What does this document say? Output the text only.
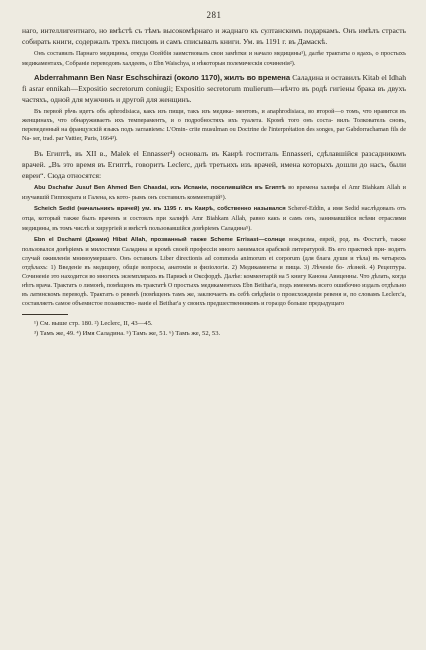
281

наго, интеллигентнаго, но вмѣстѣ съ тѣмъ высокомѣрнаго и жаднаго къ султанскимъ подаркамъ. Онъ имѣлъ страсть собирать книги, содержалъ трехъ писцовъ и самъ списывалъ книги. Ум. въ 1191 г. въ Дамаскѣ.

Онъ составилъ Парнаго медицины, откуда Осейбія заимствовалъ свои замѣтки и начало медицины¹), далѣе трактаты о ядахъ, о простыхъ медикаментахъ, Собраніе переводовъ халдеевъ, о Ebn Waischya, и нѣкоторыя полемическія сочиненія²).

Abderrahmann Ben Nasr Eschschirazi (около 1170), жилъ во времена Саладина и оставилъ Kitab el Idhah fi asrar ennikah—Expositio secretorum coniugii; Expositio secretorum mulierum—нѣчто въ родѣ гигіены брака въ двухъ частяхъ, одной для мужчинъ и другой для женщинъ.

Въ первой рѣчь идетъ объ aphrodisiaca, какъ изъ пищи, такъ изъ медика- ментовъ, и anaphrodisiaca, во второй—о томъ, что нравится въ женщинахъ, что обнаруживаетъ ихъ темпераментъ, и о подробностяхъ ихъ туалета. Кромѣ того онъ соста- вилъ Толкователь сновъ, переведенный на французскій языкъ подъ заглавіемъ: L'Omin- crite musulman ou Doctrine de l'interprétation des songes, par Gabdorrachaman fils de Na- ser, trad. par Vattier, Paris, 1664³).

Въ Египтѣ, въ XII в., Malek el Ennasser⁴) основалъ въ Каирѣ госпиталь Ennasseri, сдѣлавшійся разсадникомъ врачей. „Въ это время въ Египтѣ, говоритъ Leclerc, днѣ третьихъ изъ врачей, имена которыхъ дошли до насъ, были евреи“. Сюда относятся:

Abu Dschafar Jusuf Ben Ahmed Ben Chasdai, изъ Испаніи, поселившійся въ Египтѣ во времена халифа el Amr Biahkam Allah и изучавшій Гиппократа и Галена, къ кото- рымъ онъ составилъ комментарій⁵).

Scheich Sedid (начальникъ врачей) ум. въ 1195 г. въ Каирѣ, собственно назывался Scheref-Eddin, а имя Sedid наслѣдовалъ отъ отца, который также былъ врачемъ и состоялъ при халифѣ Amr Biahkam Allah, равно какъ и самъ онъ, занимавшійся всѣми отраслями медицины, въ томъ числѣ и хирургіей и вмѣстѣ пользовавшійся довѣріемъ Саладина⁵).

Ebn el Dschami (Джами) Hibat Allah, прозванный также Scheme Errisast—солнце вождизма, еврей, род. въ Фостатѣ, также пользовался довѣріемъ и милостями Саладина и кромѣ своей профессіи много занимался арабской литературой. Въ его практикѣ при- водятъ случай оживленія мнимоумершаго. Онъ оставилъ Liber directionis ad commoda animorum et corporum (для блага души и тѣла) въ четырехъ отдѣлахъ: 1) Введеніе въ медицину, общіе вопросы, анатомія и физіологія. 2) Медикаменты и пища. 3) Лѣченіе бо- лѣзней. 4) Рецептура. Сочиненіе это находится во многихъ экземплярахъ въ Парижѣ и Оксфордѣ. Далѣе: комментарій на 5 книгу Канона Авиценны. Что дѣлать, когда нѣтъ врача. Трактатъ о лимонѣ, помѣщенъ въ трактатѣ О простыхъ медикаментахъ Ebn Beithar'а, подъ именемъ всего ошибочно издалъ отдѣльно въ латинскомъ переводѣ. Трактатъ о ревенѣ (помѣщенъ тамъ же, заключаетъ въ себѣ свѣдѣнія о происхожденіи ревеня и, по словамъ Leclerc'а, составляетъ самое объемистое позаимство- ваніе el Beithar'а у своихъ предшественниковъ и гораздо больше предыдущаго

¹) См. выше стр. 180. ²) Leclerc, II, 43—45.
³) Тамъ же, 49. ⁴) Имя Саладина. ⁵) Тамъ же, 51. ⁶) Тамъ же, 52, 53.
